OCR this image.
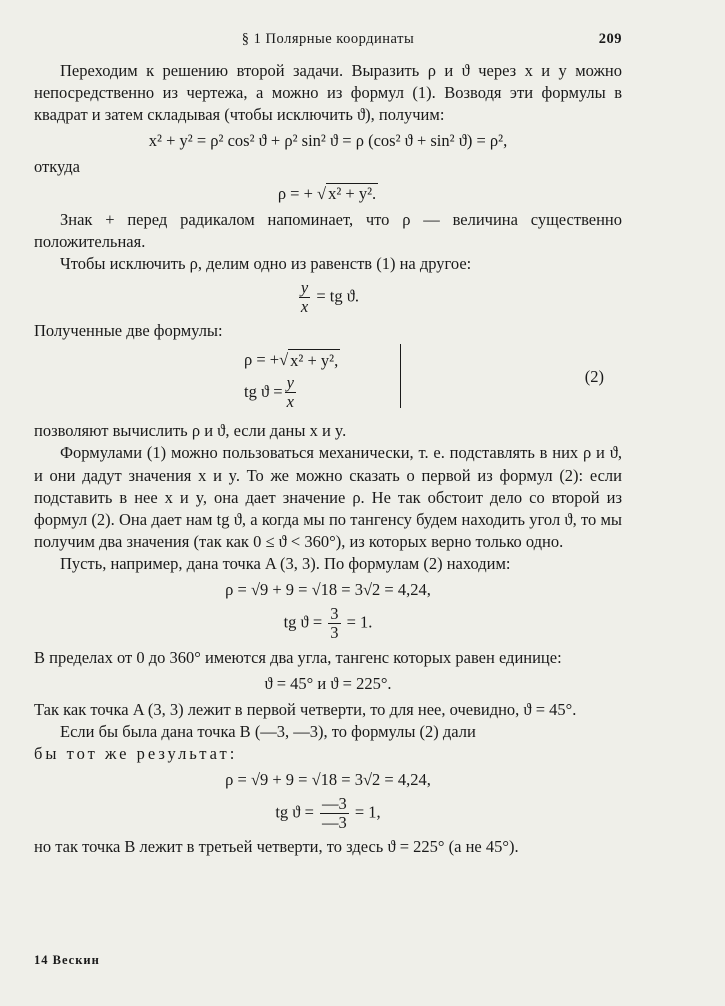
§ 1 Полярные координаты	209

Переходим к решению второй задачи. Выразить ρ и ϑ через x и y можно непосредственно из чертежа, а можно из формул (1). Возводя эти формулы в квадрат и затем складывая (чтобы исключить ϑ), получим:

x² + y² = ρ² cos² ϑ + ρ² sin² ϑ = ρ (cos² ϑ + sin² ϑ) = ρ²,

откуда

ρ = + √ x² + y².

Знак + перед радикалом напоминает, что ρ — величина существенно положительная.

Чтобы исключить ρ, делим одно из равенств (1) на другое:

$\frac{y}{x}$ = tg ϑ.

Полученные две формулы:

ρ = + √ x² + y²,
tg $ϑ = \frac{y}{x}$	(2)

позволяют вычислить ρ и ϑ, если даны x и y.

Формулами (1) можно пользоваться механически, т. е. подставлять в них ρ и ϑ, и они дадут значения x и y. То же можно сказать о первой из формул (2): если подставить в нее x и y, она дает значение ρ. Не так обстоит дело со второй из формул (2). Она дает нам tg ϑ, а когда мы по тангенсу будем находить угол ϑ, то мы получим два значения (так как 0 ≤ ϑ < 360°), из которых верно только одно.

Пусть, например, дана точка A (3, 3). По формулам (2) находим:

ρ = √9 + 9 = √18 = 3√2 = 4,24,
tg $ϑ = \frac{3}{3} = 1$.

В пределах от 0 до 360° имеются два угла, тангенс которых равен единице:

ϑ = 45° и ϑ = 225°.

Так как точка A (3, 3) лежит в первой четверти, то для нее, очевидно, ϑ = 45°.

Если бы была дана точка B (—3, —3), то формулы (2) дали

бы тот же результат:

ρ = √9 + 9 = √18 = 3√2 = 4,24,
tg $ϑ = \frac{—3}{—3} = 1$,

но так точка B лежит в третьей четверти, то здесь ϑ = 225° (а не 45°).

14 Вескин
